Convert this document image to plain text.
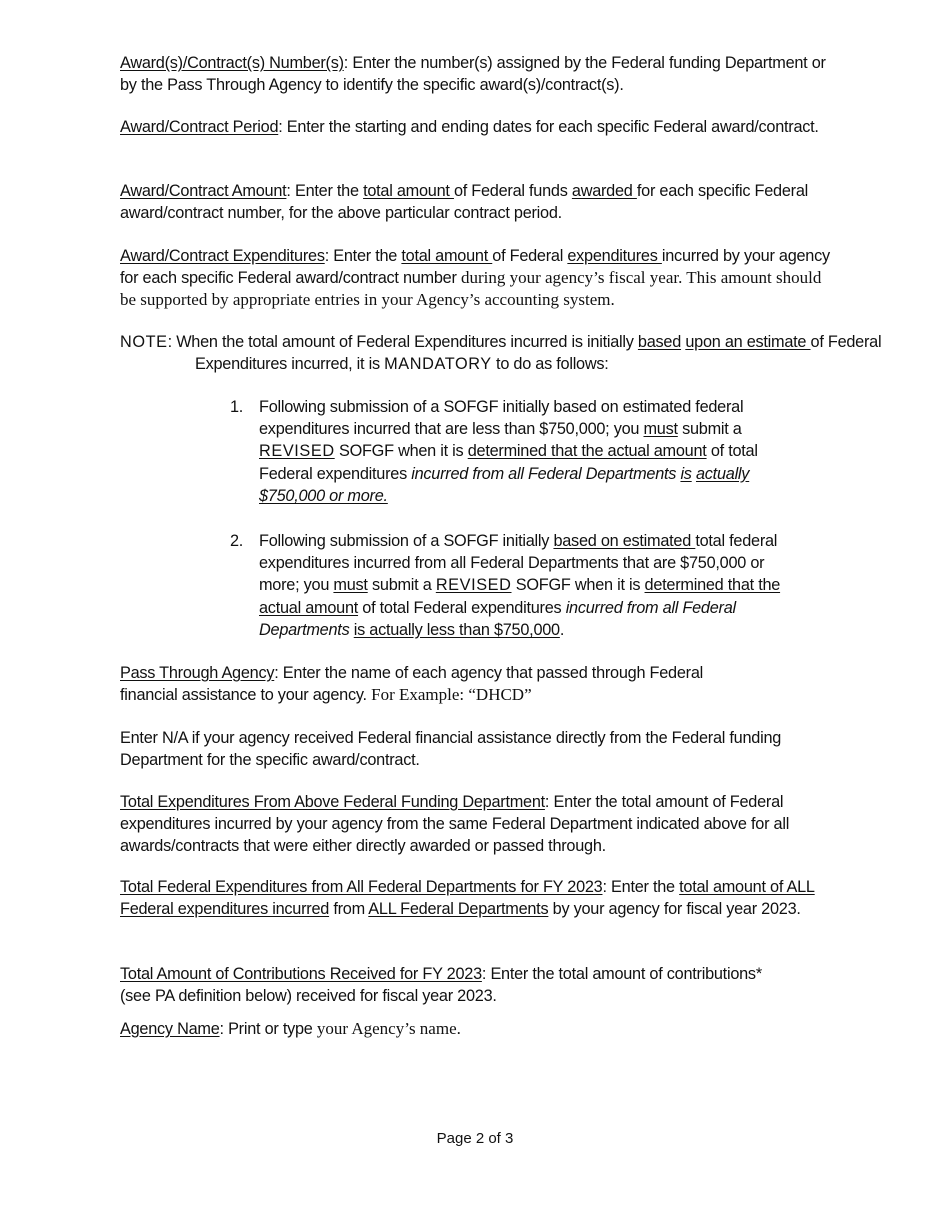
Award(s)/Contract(s) Number(s): Enter the number(s) assigned by the Federal funding Department or by the Pass Through Agency to identify the specific award(s)/contract(s).

Award/Contract Period: Enter the starting and ending dates for each specific Federal award/contract.

Award/Contract Amount: Enter the total amount of Federal funds awarded for each specific Federal award/contract number, for the above particular contract period.

Award/Contract Expenditures: Enter the total amount of Federal expenditures incurred by your agency for each specific Federal award/contract number during your agency’s fiscal year. This amount should be supported by appropriate entries in your Agency’s accounting system.

NOTE: When the total amount of Federal Expenditures incurred is initially based upon an estimate of Federal Expenditures incurred, it is MANDATORY to do as follows:

1. Following submission of a SOFGF initially based on estimated federal expenditures incurred that are less than $750,000; you must submit a REVISED SOFGF when it is determined that the actual amount of total Federal expenditures incurred from all Federal Departments is actually $750,000 or more.

2. Following submission of a SOFGF initially based on estimated total federal expenditures incurred from all Federal Departments that are $750,000 or more; you must submit a REVISED SOFGF when it is determined that the actual amount of total Federal expenditures incurred from all Federal Departments is actually less than $750,000.

Pass Through Agency: Enter the name of each agency that passed through Federal financial assistance to your agency. For Example: “DHCD”

Enter N/A if your agency received Federal financial assistance directly from the Federal funding Department for the specific award/contract.

Total Expenditures From Above Federal Funding Department: Enter the total amount of Federal expenditures incurred by your agency from the same Federal Department indicated above for all awards/contracts that were either directly awarded or passed through.

Total Federal Expenditures from All Federal Departments for FY 2023: Enter the total amount of ALL Federal expenditures incurred from ALL Federal Departments by your agency for fiscal year 2023.

Total Amount of Contributions Received for FY 2023: Enter the total amount of contributions* (see PA definition below) received for fiscal year 2023.

Agency Name: Print or type your Agency’s name.

Page 2 of 3
